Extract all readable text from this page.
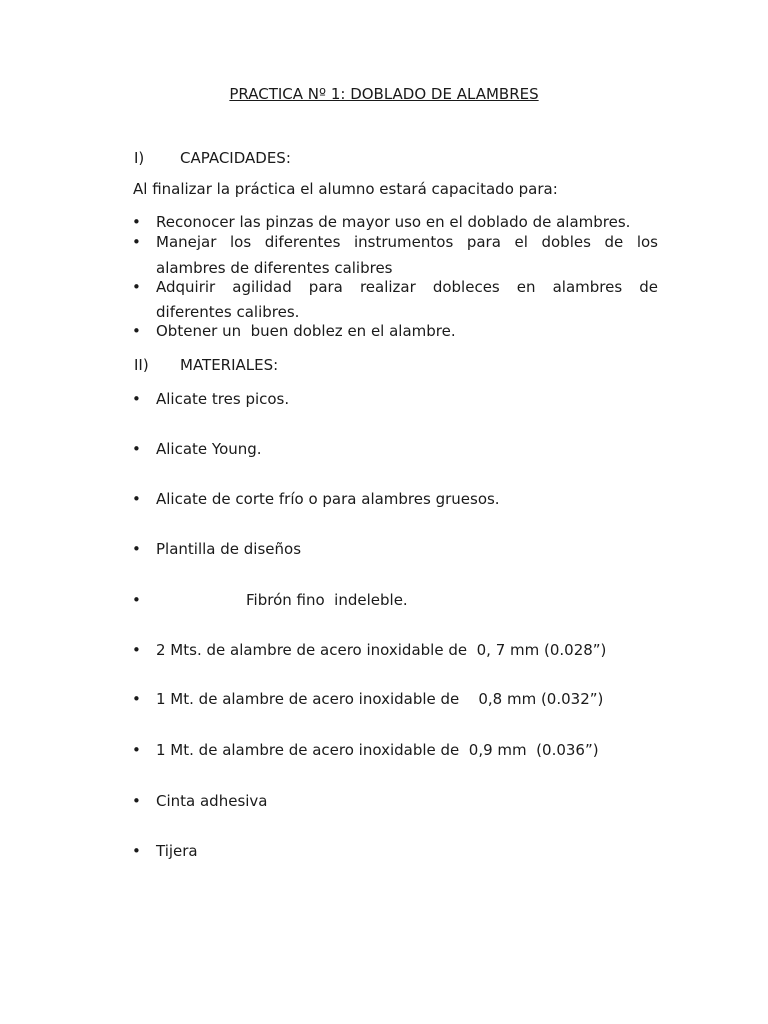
PRACTICA Nº 1: DOBLADO DE ALAMBRES
I) CAPACIDADES:
Al finalizar la práctica el alumno estará capacitado para:
• Reconocer las pinzas de mayor uso en el doblado de alambres.
• Manejar los diferentes instrumentos para el dobles de los
alambres de diferentes calibres
• Adquirir agilidad para realizar dobleces en alambres de
diferentes calibres.
• Obtener un  buen doblez en el alambre.
II) MATERIALES:
• Alicate tres picos.
• Alicate Young.
• Alicate de corte frío o para alambres gruesos.
• Plantilla de diseños
•	Fibrón fino  indeleble.
• 2 Mts. de alambre de acero inoxidable de  0, 7 mm (0.028”)
• 1 Mt. de alambre de acero inoxidable de    0,8 mm (0.032”)
• 1 Mt. de alambre de acero inoxidable de  0,9 mm  (0.036”)
• Cinta adhesiva
• Tijera
